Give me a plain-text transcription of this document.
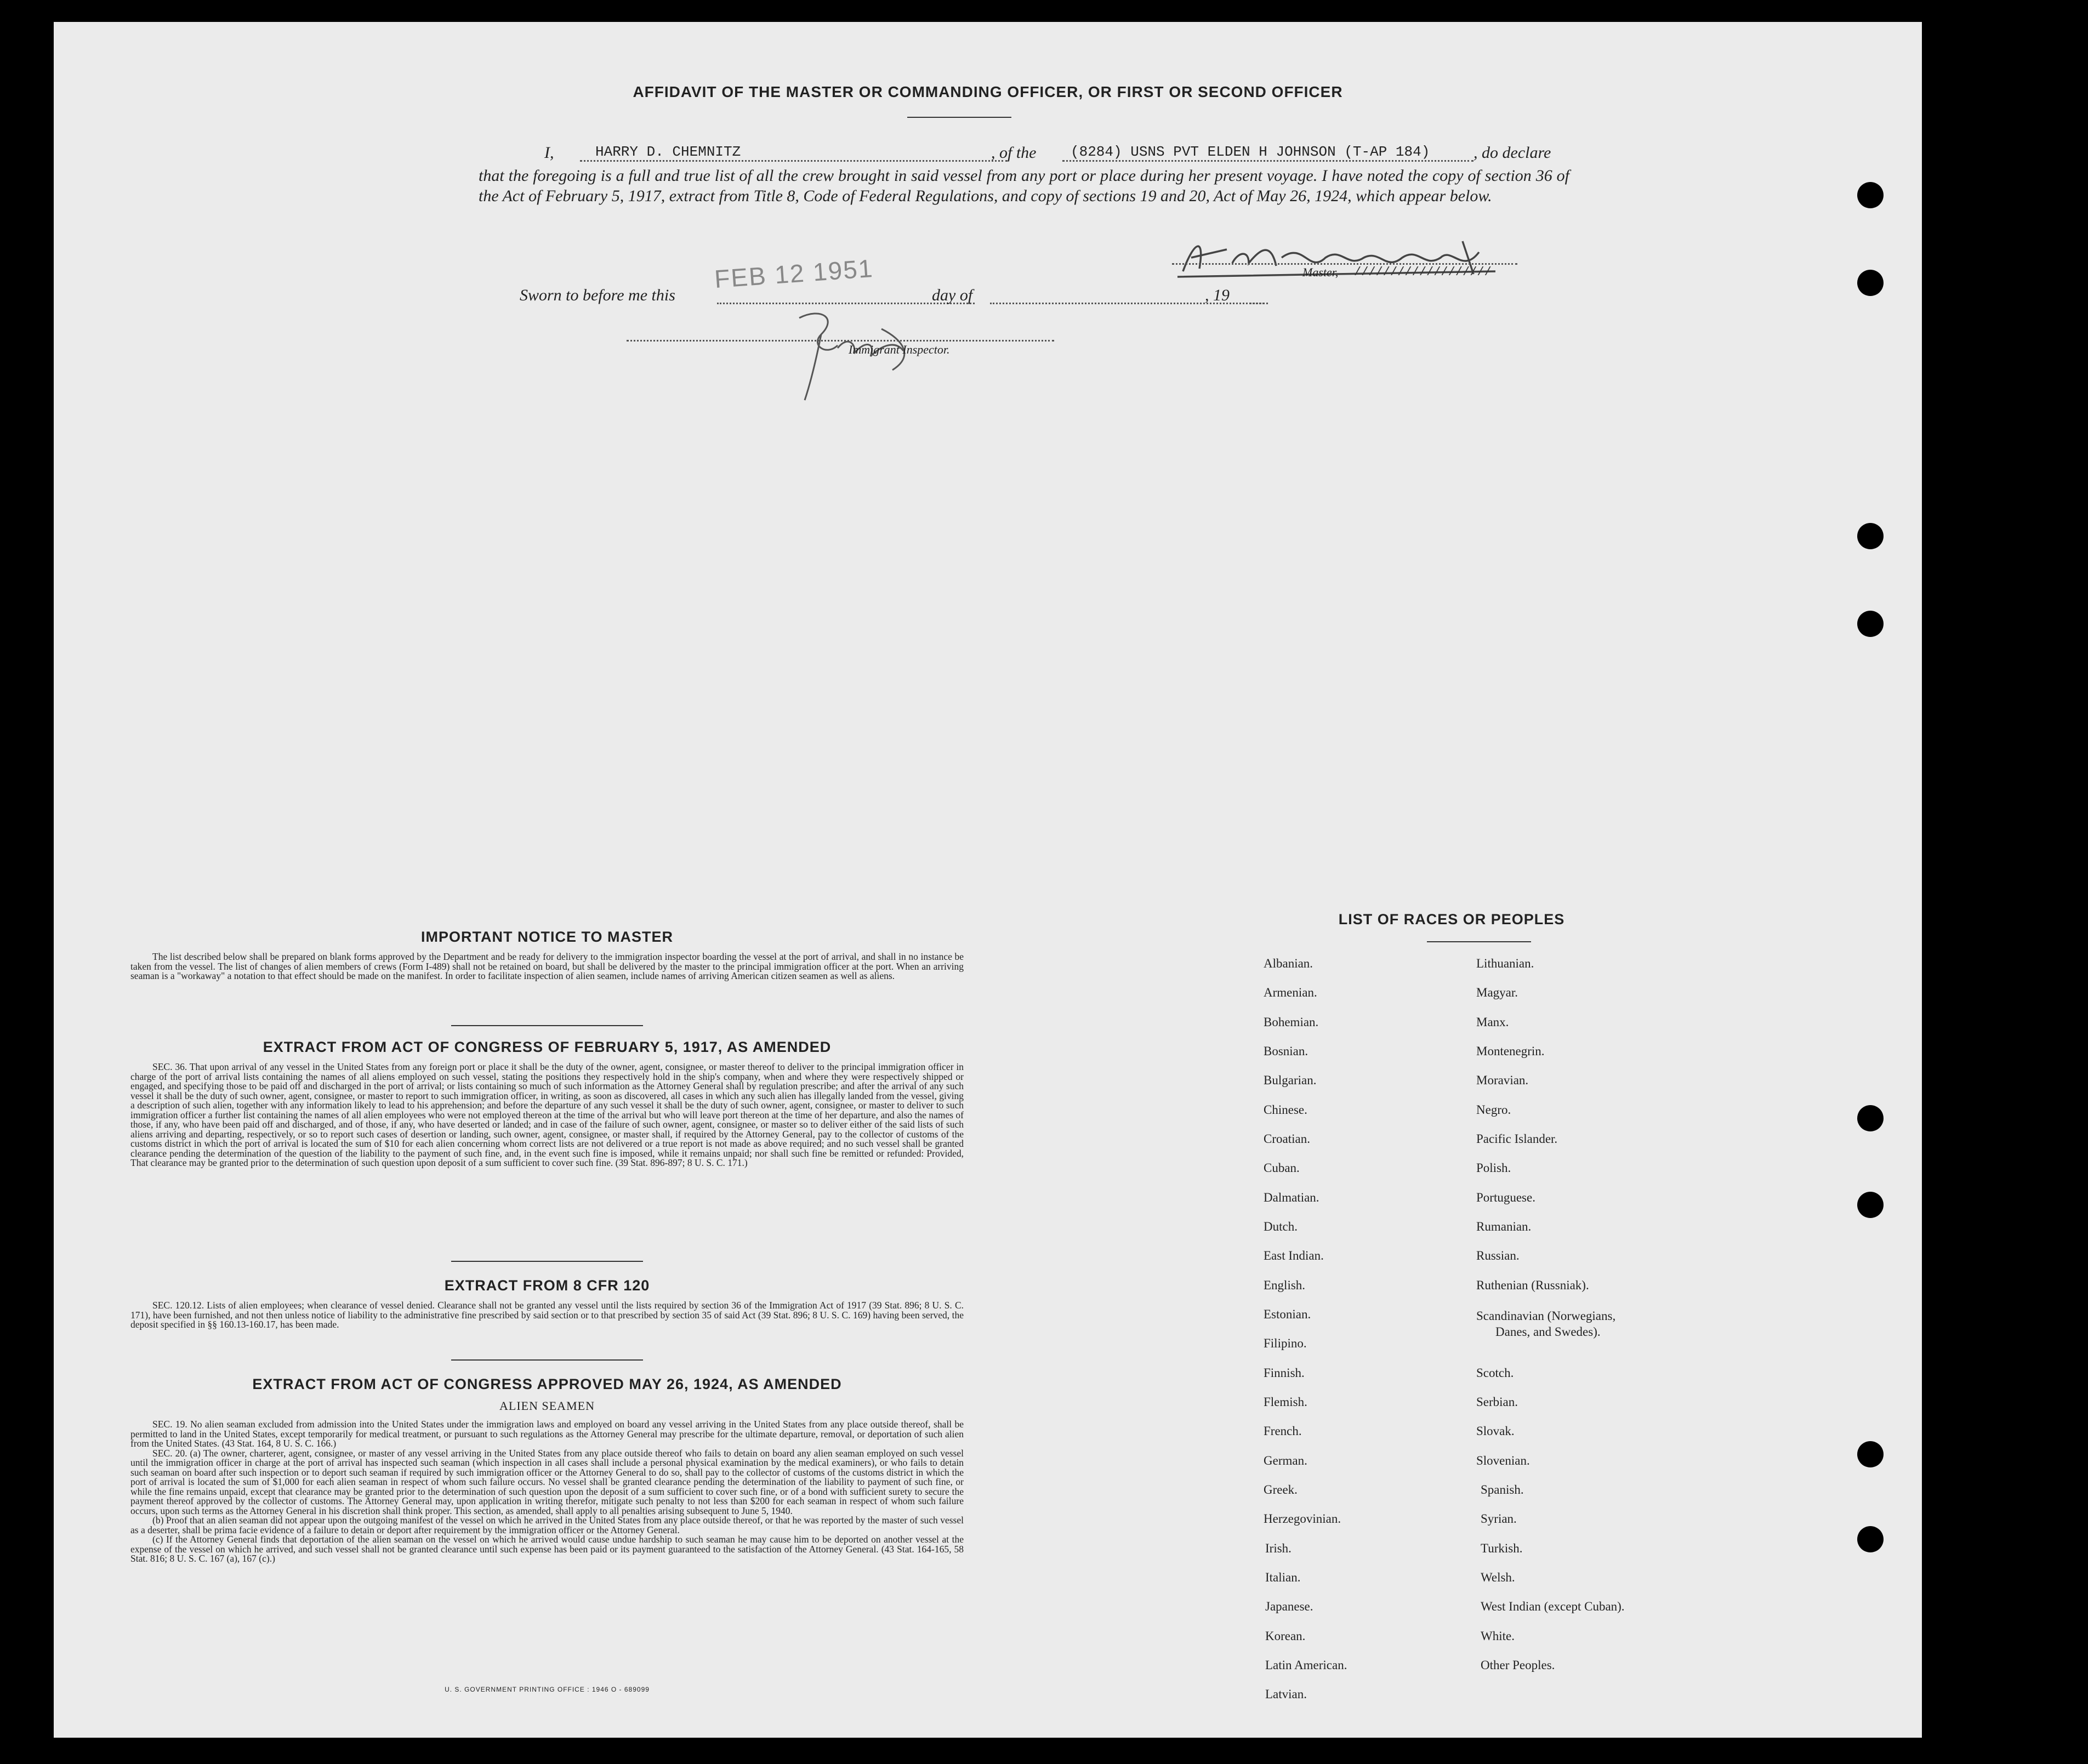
AFFIDAVIT OF THE MASTER OR COMMANDING OFFICER, OR FIRST OR SECOND OFFICER
I,	HARRY D. CHEMNITZ	, of the (8284) USNS PVT ELDEN H JOHNSON (T-AP 184)	, do declare
that the foregoing is a full and true list of all the crew brought in said vessel from any port or place during her present voyage. I have noted the copy of section 36 of the Act of February 5, 1917, extract from Title 8, Code of Federal Regulations, and copy of sections 19 and 20, Act of May 26, 1924, which appear below.
Master, ///////////////////
Sworn to before me this
FEB 12 1951
day of	, 19
Immigrant Inspector.
IMPORTANT NOTICE TO MASTER

The list described below shall be prepared on blank forms approved by the Department and be ready for delivery to the immigration inspector boarding the vessel at the port of arrival, and shall in no instance be taken from the vessel. The list of changes of alien members of crews (Form I-489) shall not be retained on board, but shall be delivered by the master to the principal immigration officer at the port. When an arriving seaman is a "workaway" a notation to that effect should be made on the manifest. In order to facilitate inspection of alien seamen, include names of arriving American citizen seamen as well as aliens.

EXTRACT FROM ACT OF CONGRESS OF FEBRUARY 5, 1917, AS AMENDED

SEC. 36. That upon arrival of any vessel in the United States from any foreign port or place it shall be the duty of the owner, agent, consignee, or master thereof to deliver to the principal immigration officer in charge of the port of arrival lists containing the names of all aliens employed on such vessel, stating the positions they respectively hold in the ship's company, when and where they were respectively shipped or engaged, and specifying those to be paid off and discharged in the port of arrival; or lists containing so much of such information as the Attorney General shall by regulation prescribe; and after the arrival of any such vessel it shall be the duty of such owner, agent, consignee, or master to report to such immigration officer, in writing, as soon as discovered, all cases in which any such alien has illegally landed from the vessel, giving a description of such alien, together with any information likely to lead to his apprehension; and before the departure of any such vessel it shall be the duty of such owner, agent, consignee, or master to deliver to such immigration officer a further list containing the names of all alien employees who were not employed thereon at the time of the arrival but who will leave port thereon at the time of her departure, and also the names of those, if any, who have been paid off and discharged, and of those, if any, who have deserted or landed; and in case of the failure of such owner, agent, consignee, or master so to deliver either of the said lists of such aliens arriving and departing, respectively, or so to report such cases of desertion or landing, such owner, agent, consignee, or master shall, if required by the Attorney General, pay to the collector of customs of the customs district in which the port of arrival is located the sum of $10 for each alien concerning whom correct lists are not delivered or a true report is not made as above required; and no such vessel shall be granted clearance pending the determination of the question of the liability to the payment of such fine, and, in the event such fine is imposed, while it remains unpaid; nor shall such fine be remitted or refunded: Provided, That clearance may be granted prior to the determination of such question upon deposit of a sum sufficient to cover such fine. (39 Stat. 896-897; 8 U. S. C. 171.)

EXTRACT FROM 8 CFR 120

SEC. 120.12. Lists of alien employees; when clearance of vessel denied. Clearance shall not be granted any vessel until the lists required by section 36 of the Immigration Act of 1917 (39 Stat. 896; 8 U. S. C. 171), have been furnished, and not then unless notice of liability to the administrative fine prescribed by said section or to that prescribed by section 35 of said Act (39 Stat. 896; 8 U. S. C. 169) having been served, the deposit specified in §§ 160.13-160.17, has been made.

EXTRACT FROM ACT OF CONGRESS APPROVED MAY 26, 1924, AS AMENDED
ALIEN SEAMEN

SEC. 19. No alien seaman excluded from admission into the United States under the immigration laws and employed on board any vessel arriving in the United States from any place outside thereof, shall be permitted to land in the United States, except temporarily for medical treatment, or pursuant to such regulations as the Attorney General may prescribe for the ultimate departure, removal, or deportation of such alien from the United States. (43 Stat. 164, 8 U. S. C. 166.)

SEC. 20. (a) The owner, charterer, agent, consignee, or master of any vessel arriving in the United States from any place outside thereof who fails to detain on board any alien seaman employed on such vessel until the immigration officer in charge at the port of arrival has inspected such seaman (which inspection in all cases shall include a personal physical examination by the medical examiners), or who fails to detain such seaman on board after such inspection or to deport such seaman if required by such immigration officer or the Attorney General to do so, shall pay to the collector of customs of the customs district in which the port of arrival is located the sum of $1,000 for each alien seaman in respect of whom such failure occurs. No vessel shall be granted clearance pending the determination of the liability to payment of such fine, or while the fine remains unpaid, except that clearance may be granted prior to the determination of such question upon the deposit of a sum sufficient to cover such fine, or of a bond with sufficient surety to secure the payment thereof approved by the collector of customs. The Attorney General may, upon application in writing therefor, mitigate such penalty to not less than $200 for each seaman in respect of whom such failure occurs, upon such terms as the Attorney General in his discretion shall think proper. This section, as amended, shall apply to all penalties arising subsequent to June 5, 1940.

(b) Proof that an alien seaman did not appear upon the outgoing manifest of the vessel on which he arrived in the United States from any place outside thereof, or that he was reported by the master of such vessel as a deserter, shall be prima facie evidence of a failure to detain or deport after requirement by the immigration officer or the Attorney General.

(c) If the Attorney General finds that deportation of the alien seaman on the vessel on which he arrived would cause undue hardship to such seaman he may cause him to be deported on another vessel at the expense of the vessel on which he arrived, and such vessel shall not be granted clearance until such expense has been paid or its payment guaranteed to the satisfaction of the Attorney General. (43 Stat. 164-165, 58 Stat. 816; 8 U. S. C. 167 (a), 167 (c).)

U. S. GOVERNMENT PRINTING OFFICE : 1946 O - 689099
LIST OF RACES OR PEOPLES
Albanian.
Armenian.
Bohemian.
Bosnian.
Bulgarian.
Chinese.
Croatian.
Cuban.
Dalmatian.
Dutch.
East Indian.
English.
Estonian.
Filipino.
Finnish.
Flemish.
French.
German.
Greek.
Herzegovinian.
Irish.
Italian.
Japanese.
Korean.
Latin American.
Latvian.
Lithuanian.
Magyar.
Manx.
Montenegrin.
Moravian.
Negro.
Pacific Islander.
Polish.
Portuguese.
Rumanian.
Russian.
Ruthenian (Russniak).
Scandinavian (Norwegians,
Danes, and Swedes).
Scotch.
Serbian.
Slovak.
Slovenian.
Spanish.
Syrian.
Turkish.
Welsh.
West Indian (except Cuban).
White.
Other Peoples.
